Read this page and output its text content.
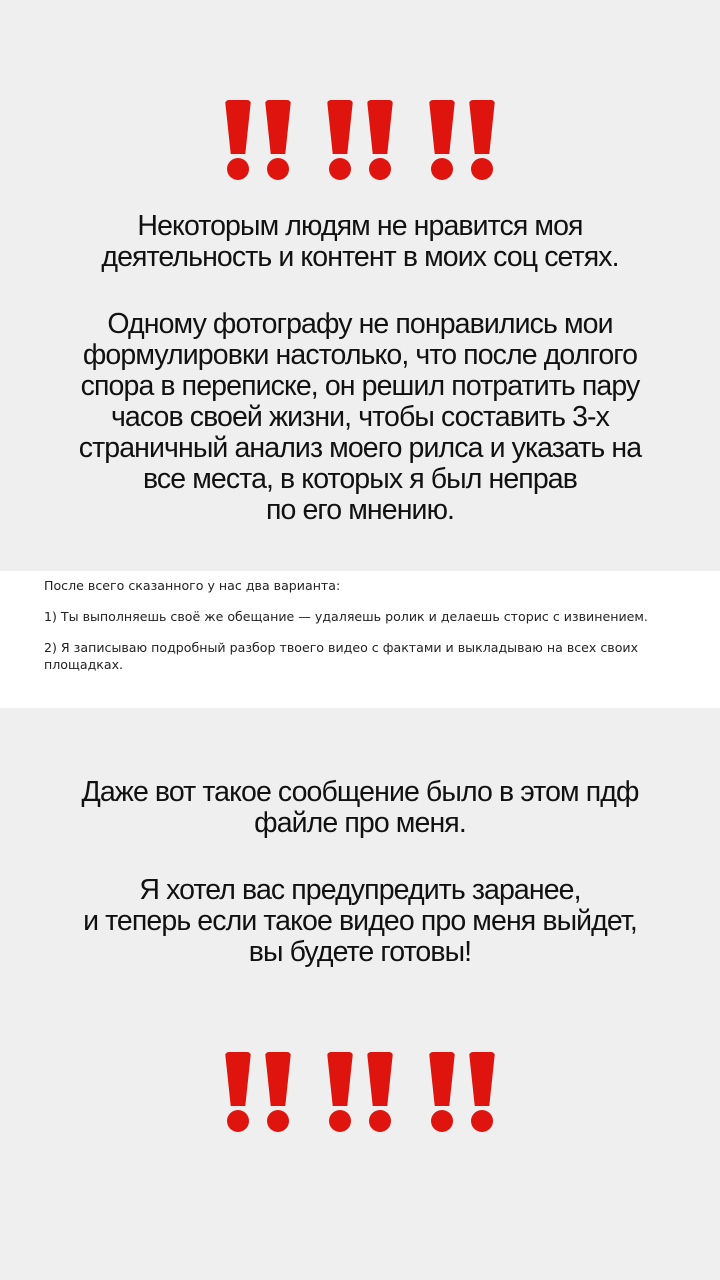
Некоторым людям не нравится моя
деятельность и контент в моих соц сетях.

Одному фотографу не понравились мои
формулировки настолько, что после долгого
спора в переписке, он решил потратить пару
часов своей жизни, чтобы составить 3-х
страничный анализ моего рилса и указать на
все места, в которых я был неправ
по его мнению.

После всего сказанного у нас два варианта:

1) Ты выполняешь своё же обещание — удаляешь ролик и делаешь сторис с извинением.

2) Я записываю подробный разбор твоего видео с фактами и выкладываю на всех своих площадках.

Даже вот такое сообщение было в этом пдф
файле про меня.

Я хотел вас предупредить заранее,
и теперь если такое видео про меня выйдет,
вы будете готовы!
